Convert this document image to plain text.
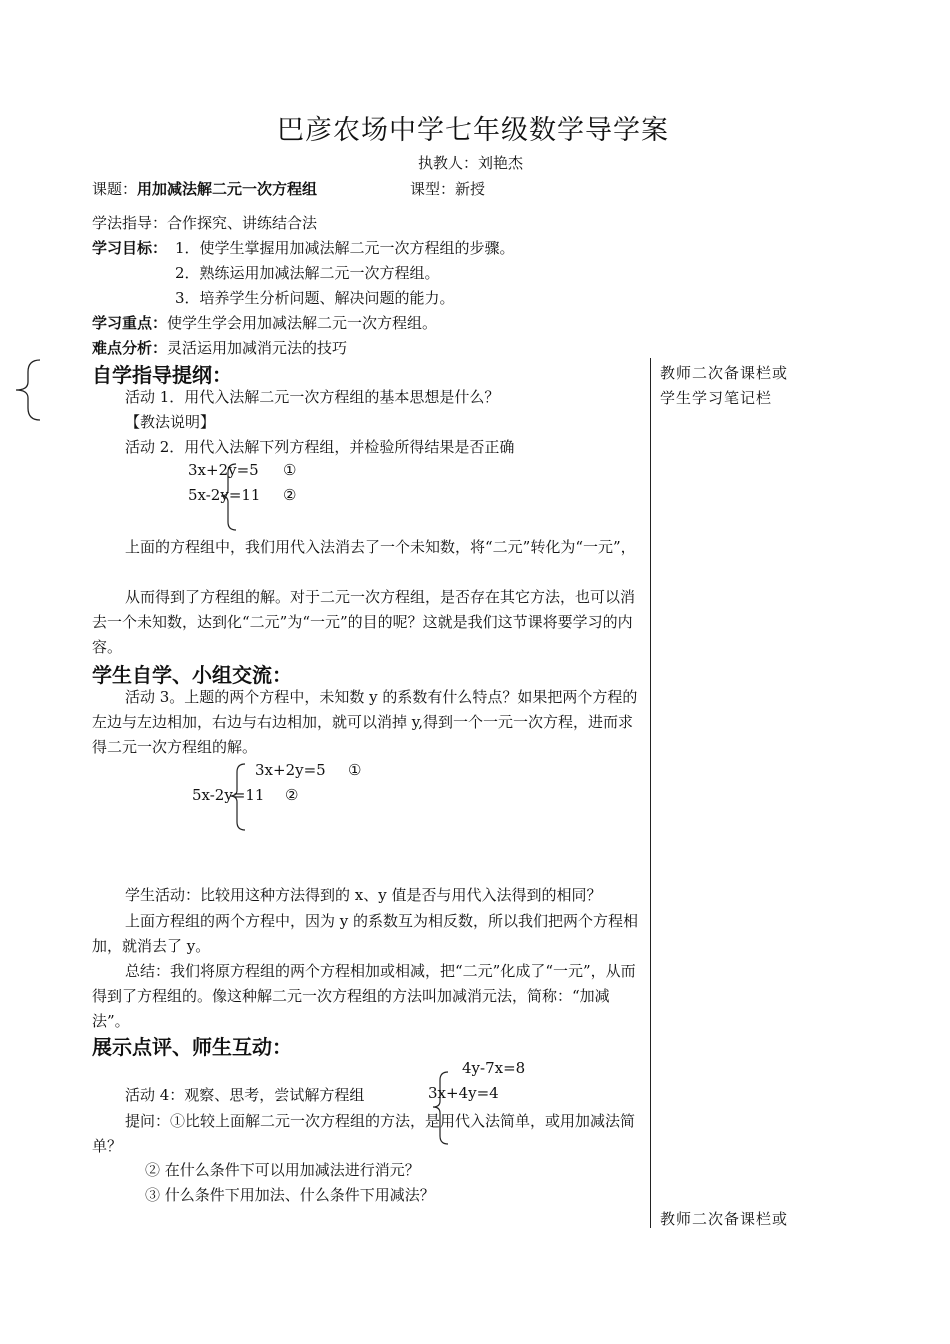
巴彦农场中学七年级数学导学案
执教人：刘艳杰
课题：用加减法解二元一次方程组	课型：新授
学法指导：合作探究、讲练结合法
学习目标： 1．使学生掌握用加减法解二元一次方程组的步骤。
2．熟练运用加减法解二元一次方程组。
3．培养学生分析问题、解决问题的能力。
学习重点：使学生学会用加减法解二元一次方程组。
难点分析：灵活运用加减消元法的技巧
教师二次备课栏或
学生学习笔记栏
教师二次备课栏或
自学指导提纲：
活动 1．用代入法解二元一次方程组的基本思想是什么？
【教法说明】
活动 2．用代入法解下列方程组，并检验所得结果是否正确
3x+2y=5 ①
5x-2y=11 ②
上面的方程组中，我们用代入法消去了一个未知数，将“二元”转化为“一元”，
从而得到了方程组的解。对于二元一次方程组，是否存在其它方法，也可以消去一个未知数，达到化“二元”为“一元”的目的呢？这就是我们这节课将要学习的内容。
学生自学、小组交流：
活动 3。上题的两个方程中，未知数 y 的系数有什么特点？如果把两个方程的左边与左边相加，右边与右边相加，就可以消掉 y,得到一个一元一次方程，进而求得二元一次方程组的解。
3x+2y=5 ①
5x-2y=11 ②
学生活动：比较用这种方法得到的 x、y 值是否与用代入法得到的相同？
上面方程组的两个方程中，因为 y 的系数互为相反数，所以我们把两个方程相加，就消去了 y。
总结：我们将原方程组的两个方程相加或相减，把“二元”化成了“一元”，从而得到了方程组的。像这种解二元一次方程组的方法叫加减消元法，简称：“加减法”。
展示点评、师生互动：
4y-7x=8
活动 4：观察、思考，尝试解方程组	3x+4y=4
提问：①比较上面解二元一次方程组的方法，是用代入法简单，或用加减法简单？
② 在什么条件下可以用加减法进行消元？
③ 什么条件下用加法、什么条件下用减法？
